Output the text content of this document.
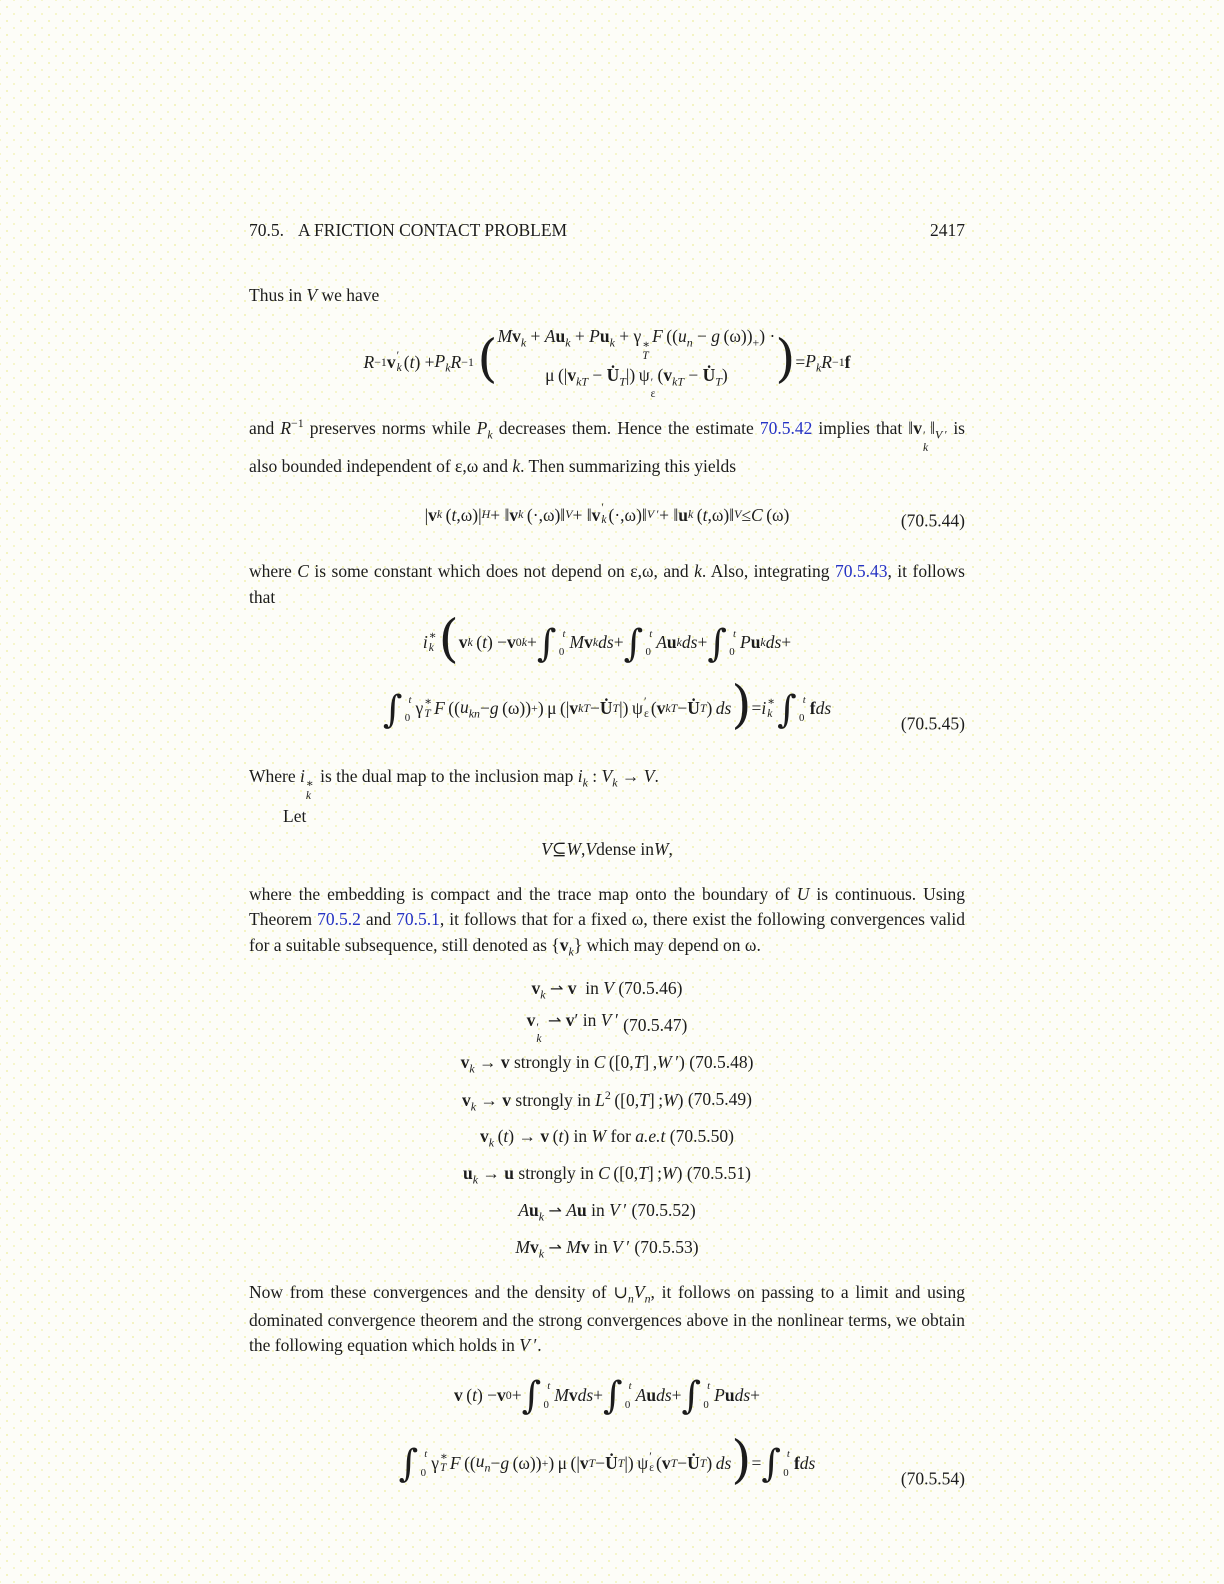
70.5. A FRICTION CONTACT PROBLEM	2417

Thus in V we have

R −1 v ′
k ( t ) + $P_k$ R −1
  ( $Mv_k + Au_k + Pu_k + \gamma$ ∗
T
F (($u_n - g$ $(\omega))_+$) ·
μ ($|v_{kT}$ − $U̇_T|$) ψ ′
ε
($v_{kT}$ − $U̇_T$) ) = $P_k$ R −1 f

and $R^{-1}$ preserves norms while $P_k$ decreases them. Hence the estimate 70.5.42 implies that ‖v ′
k
$‖_{V '}$ is also bounded independent of ε,ω and k. Then summarizing this yields

| v k  ( t ,ω)| H + ‖ v k  (·,ω)‖ V + ‖ v ′
k (·,ω)‖ V ′ + ‖ u k  ( t ,ω)‖ V ≤ C  (ω)	(70.5.44)

where C is some constant which does not depend on ε,ω, and k. Also, integrating 70.5.43, it follows that

i ∗
k ( v k  ( t ) − v 0k + ∫ t
0 M v k ds + ∫ t
0 A u k ds + ∫ t
0 P u k ds +
∫ t
0 γ ∗
T F  (( $u_{kn} - g$  (ω)) + ) μ (| v kT − U̇ T |) ψ ′
ε ( v kT − U̇ T )  ds ) = i ∗
k ∫ t
0 f ds
(70.5.45)

Where i ∗
k
is the dual map to the inclusion map $i_k$ : $V_k \to V$.

Let

V ⊆ W , V dense in W ,

where the embedding is compact and the trace map onto the boundary of U is continuous. Using Theorem 70.5.2 and 70.5.1, it follows that for a fixed ω, there exist the following convergences valid for a suitable subsequence, still denoted as $\{v_k\}$ which may depend on ω.

$v_k$ ⇀ v in V (70.5.46)
v ′
k
⇀ v′ in V ′ (70.5.47)
$v_k \to v$ strongly in C ([0,T] ,W ′) (70.5.48)
$v_k \to v$ strongly in $L^2$ ([0,T] ;W) (70.5.49)
$v_k$ (t) → v (t) in W for a.e.t (70.5.50)
$u_k \to u$ strongly in C ([0,T] ;W) (70.5.51)
$Au_k$ ⇀ Au in V ′ (70.5.52)
$Mv_k$ ⇀ Mv in V ′ (70.5.53)

Now from these convergences and the density of $\cup_nV_n$, it follows on passing to a limit and using dominated convergence theorem and the strong convergences above in the nonlinear terms, we obtain the following equation which holds in V ′.

v  ( t ) − v 0 + ∫ t
0 M v ds + ∫ t
0 A u ds + ∫ t
0 P u ds +
∫ t
0 γ ∗
T F  (( $u_n - g$  (ω)) + ) μ (| v T − U̇ T |) ψ ′
ε ( v T − U̇ T )  ds ) = ∫ t
0 f ds
(70.5.54)
